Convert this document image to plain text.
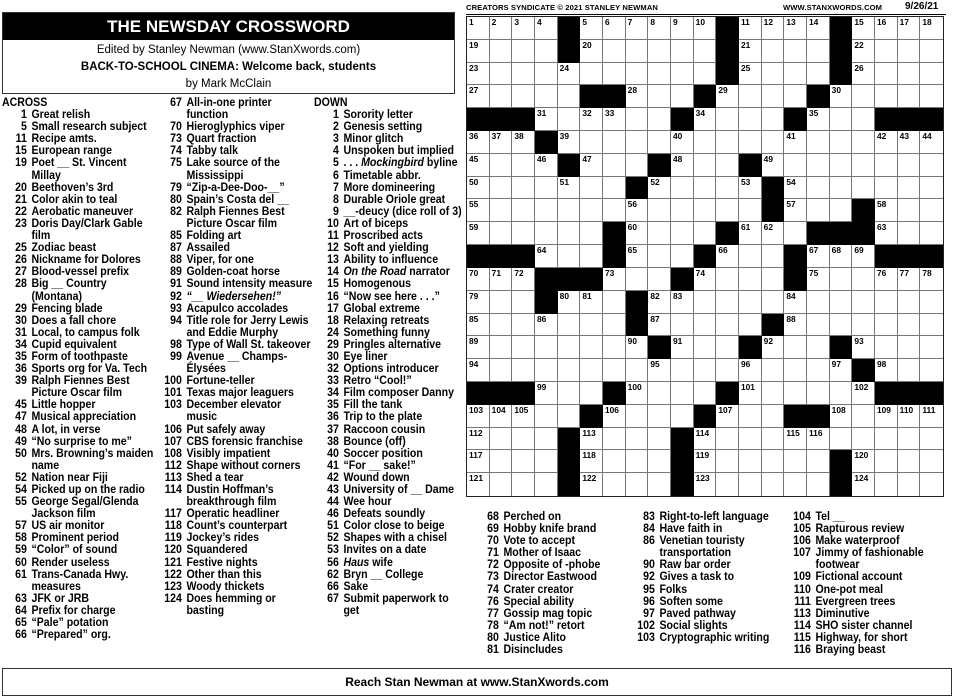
THE NEWSDAY CROSSWORD
Edited by Stanley Newman (www.StanXwords.com)
BACK-TO-SCHOOL CINEMA: Welcome back, students
by Mark McClain
CREATORS SYNDICATE © 2021 STANLEY NEWMAN	WWW.STANXWORDS.COM 9/26/21
1 2 3 4	5 6 7 8 9 10	11 12 13 14	15 16 17 18
19	20	21	22
23	24	25	26
27	28	29	30
31	32 33	34	35
36 37 38	39	40	41	42 43 44
45	46	47	48	49
50	51	52	53	54
55	56	57	58
59	60	61 62	63
64	65	66	67 68 69
70 71 72	73	74	75	76 77 78
79	80 81	82 83	84
85	86	87	88
89	90	91	92	93
94	95	96	97	98
99	100	101	102
103 104 105	106	107	108	109 110 111
112	113	114	115 116
117	118	119	120
121	122	123	124
ACROSS
1 Great relish
5 Small research subject
11 Recipe amts.
15 European range
19 Poet __ St. Vincent Millay
20 Beethoven’s 3rd
21 Color akin to teal
22 Aerobatic maneuver
23 Doris Day/Clark Gable film
25 Zodiac beast
26 Nickname for Dolores
27 Blood-vessel prefix
28 Big __ Country (Montana)
29 Fencing blade
30 Does a fall chore
31 Local, to campus folk
34 Cupid equivalent
35 Form of toothpaste
36 Sports org for Va. Tech
39 Ralph Fiennes Best Picture Oscar film
45 Little hopper
47 Musical appreciation
48 A lot, in verse
49 “No surprise to me”
50 Mrs. Browning’s maiden name
52 Nation near Fiji
54 Picked up on the radio
55 George Segal/Glenda Jackson film
57 US air monitor
58 Prominent period
59 “Color” of sound
60 Render useless
61 Trans-Canada Hwy. measures
63 JFK or JRB
64 Prefix for charge
65 “Pale” potation
66 “Prepared” org.
67 All-in-one printer function
70 Hieroglyphics viper
73 Quart fraction
74 Tabby talk
75 Lake source of the Mississippi
79 “Zip-a-Dee-Doo-__”
80 Spain’s Costa del __
82 Ralph Fiennes Best Picture Oscar film
85 Folding art
87 Assailed
88 Viper, for one
89 Golden-coat horse
91 Sound intensity measure
92 “__ Wiedersehen!”
93 Acapulco accolades
94 Title role for Jerry Lewis and Eddie Murphy
98 Type of Wall St. takeover
99 Avenue __ Champs-Élysées
100 Fortune-teller
101 Texas major leaguers
103 December elevator music
106 Put safely away
107 CBS forensic franchise
108 Visibly impatient
112 Shape without corners
113 Shed a tear
114 Dustin Hoffman’s breakthrough film
117 Operatic headliner
118 Count’s counterpart
119 Jockey’s rides
120 Squandered
121 Festive nights
122 Other than this
123 Woody thickets
124 Does hemming or basting
DOWN
1 Sorority letter
2 Genesis setting
3 Minor glitch
4 Unspoken but implied
5 . . . Mockingbird byline
6 Timetable abbr.
7 More domineering
8 Durable Oriole great
9 __-deucy (dice roll of 3)
10 Art of biceps
11 Proscribed acts
12 Soft and yielding
13 Ability to influence
14 On the Road narrator
15 Homogenous
16 “Now see here . . .”
17 Global extreme
18 Relaxing retreats
24 Something funny
29 Pringles alternative
30 Eye liner
32 Options introducer
33 Retro “Cool!”
34 Film composer Danny
35 Fill the tank
36 Trip to the plate
37 Raccoon cousin
38 Bounce (off)
40 Soccer position
41 “For __ sake!”
42 Wound down
43 University of __ Dame
44 Wee hour
46 Defeats soundly
51 Color close to beige
52 Shapes with a chisel
53 Invites on a date
56 Haus wife
62 Bryn __ College
66 Sake
67 Submit paperwork to get
68 Perched on
69 Hobby knife brand
70 Vote to accept
71 Mother of Isaac
72 Opposite of -phobe
73 Director Eastwood
74 Crater creator
76 Special ability
77 Gossip mag topic
78 “Am not!” retort
80 Justice Alito
81 Disincludes
83 Right-to-left language
84 Have faith in
86 Venetian touristy transportation
90 Raw bar order
92 Gives a task to
95 Folks
96 Soften some
97 Paved pathway
102 Social slights
103 Cryptographic writing
104 Tel __
105 Rapturous review
106 Make waterproof
107 Jimmy of fashionable footwear
109 Fictional account
110 One-pot meal
111 Evergreen trees
113 Diminutive
114 SHO sister channel
115 Highway, for short
116 Braying beast
Reach Stan Newman at www.StanXwords.com
